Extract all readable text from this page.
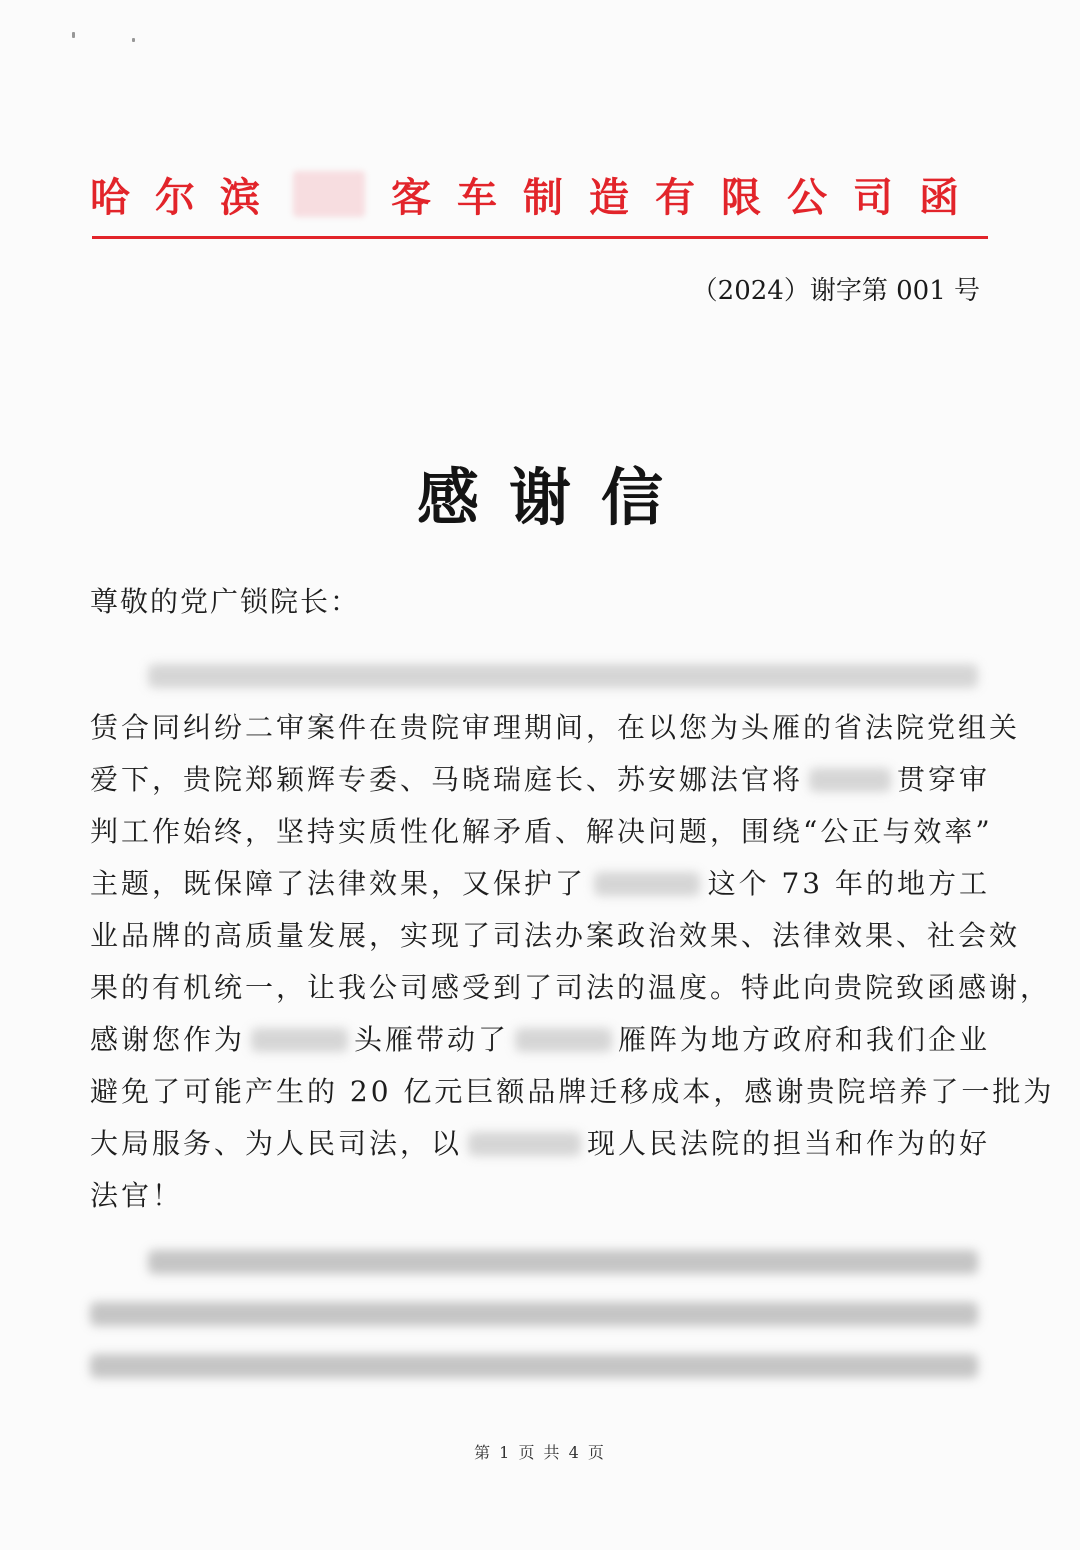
哈尔滨	客车制造有限公司函
（2024）谢字第 001 号
感谢信
尊敬的党广锁院长：
赁合同纠纷二审案件在贵院审理期间，在以您为头雁的省法院党组关
爱下，贵院郑颖辉专委、马晓瑞庭长、苏安娜法官将	贯穿审
判工作始终，坚持实质性化解矛盾、解决问题，围绕“公正与效率”
主题，既保障了法律效果，又保护了	这个 73 年的地方工
业品牌的高质量发展，实现了司法办案政治效果、法律效果、社会效
果的有机统一，让我公司感受到了司法的温度。特此向贵院致函感谢，
感谢您作为	头雁带动了	雁阵为地方政府和我们企业
避免了可能产生的 20 亿元巨额品牌迁移成本，感谢贵院培养了一批为
大局服务、为人民司法，以	现人民法院的担当和作为的好
法官！
第 1 页 共 4 页
